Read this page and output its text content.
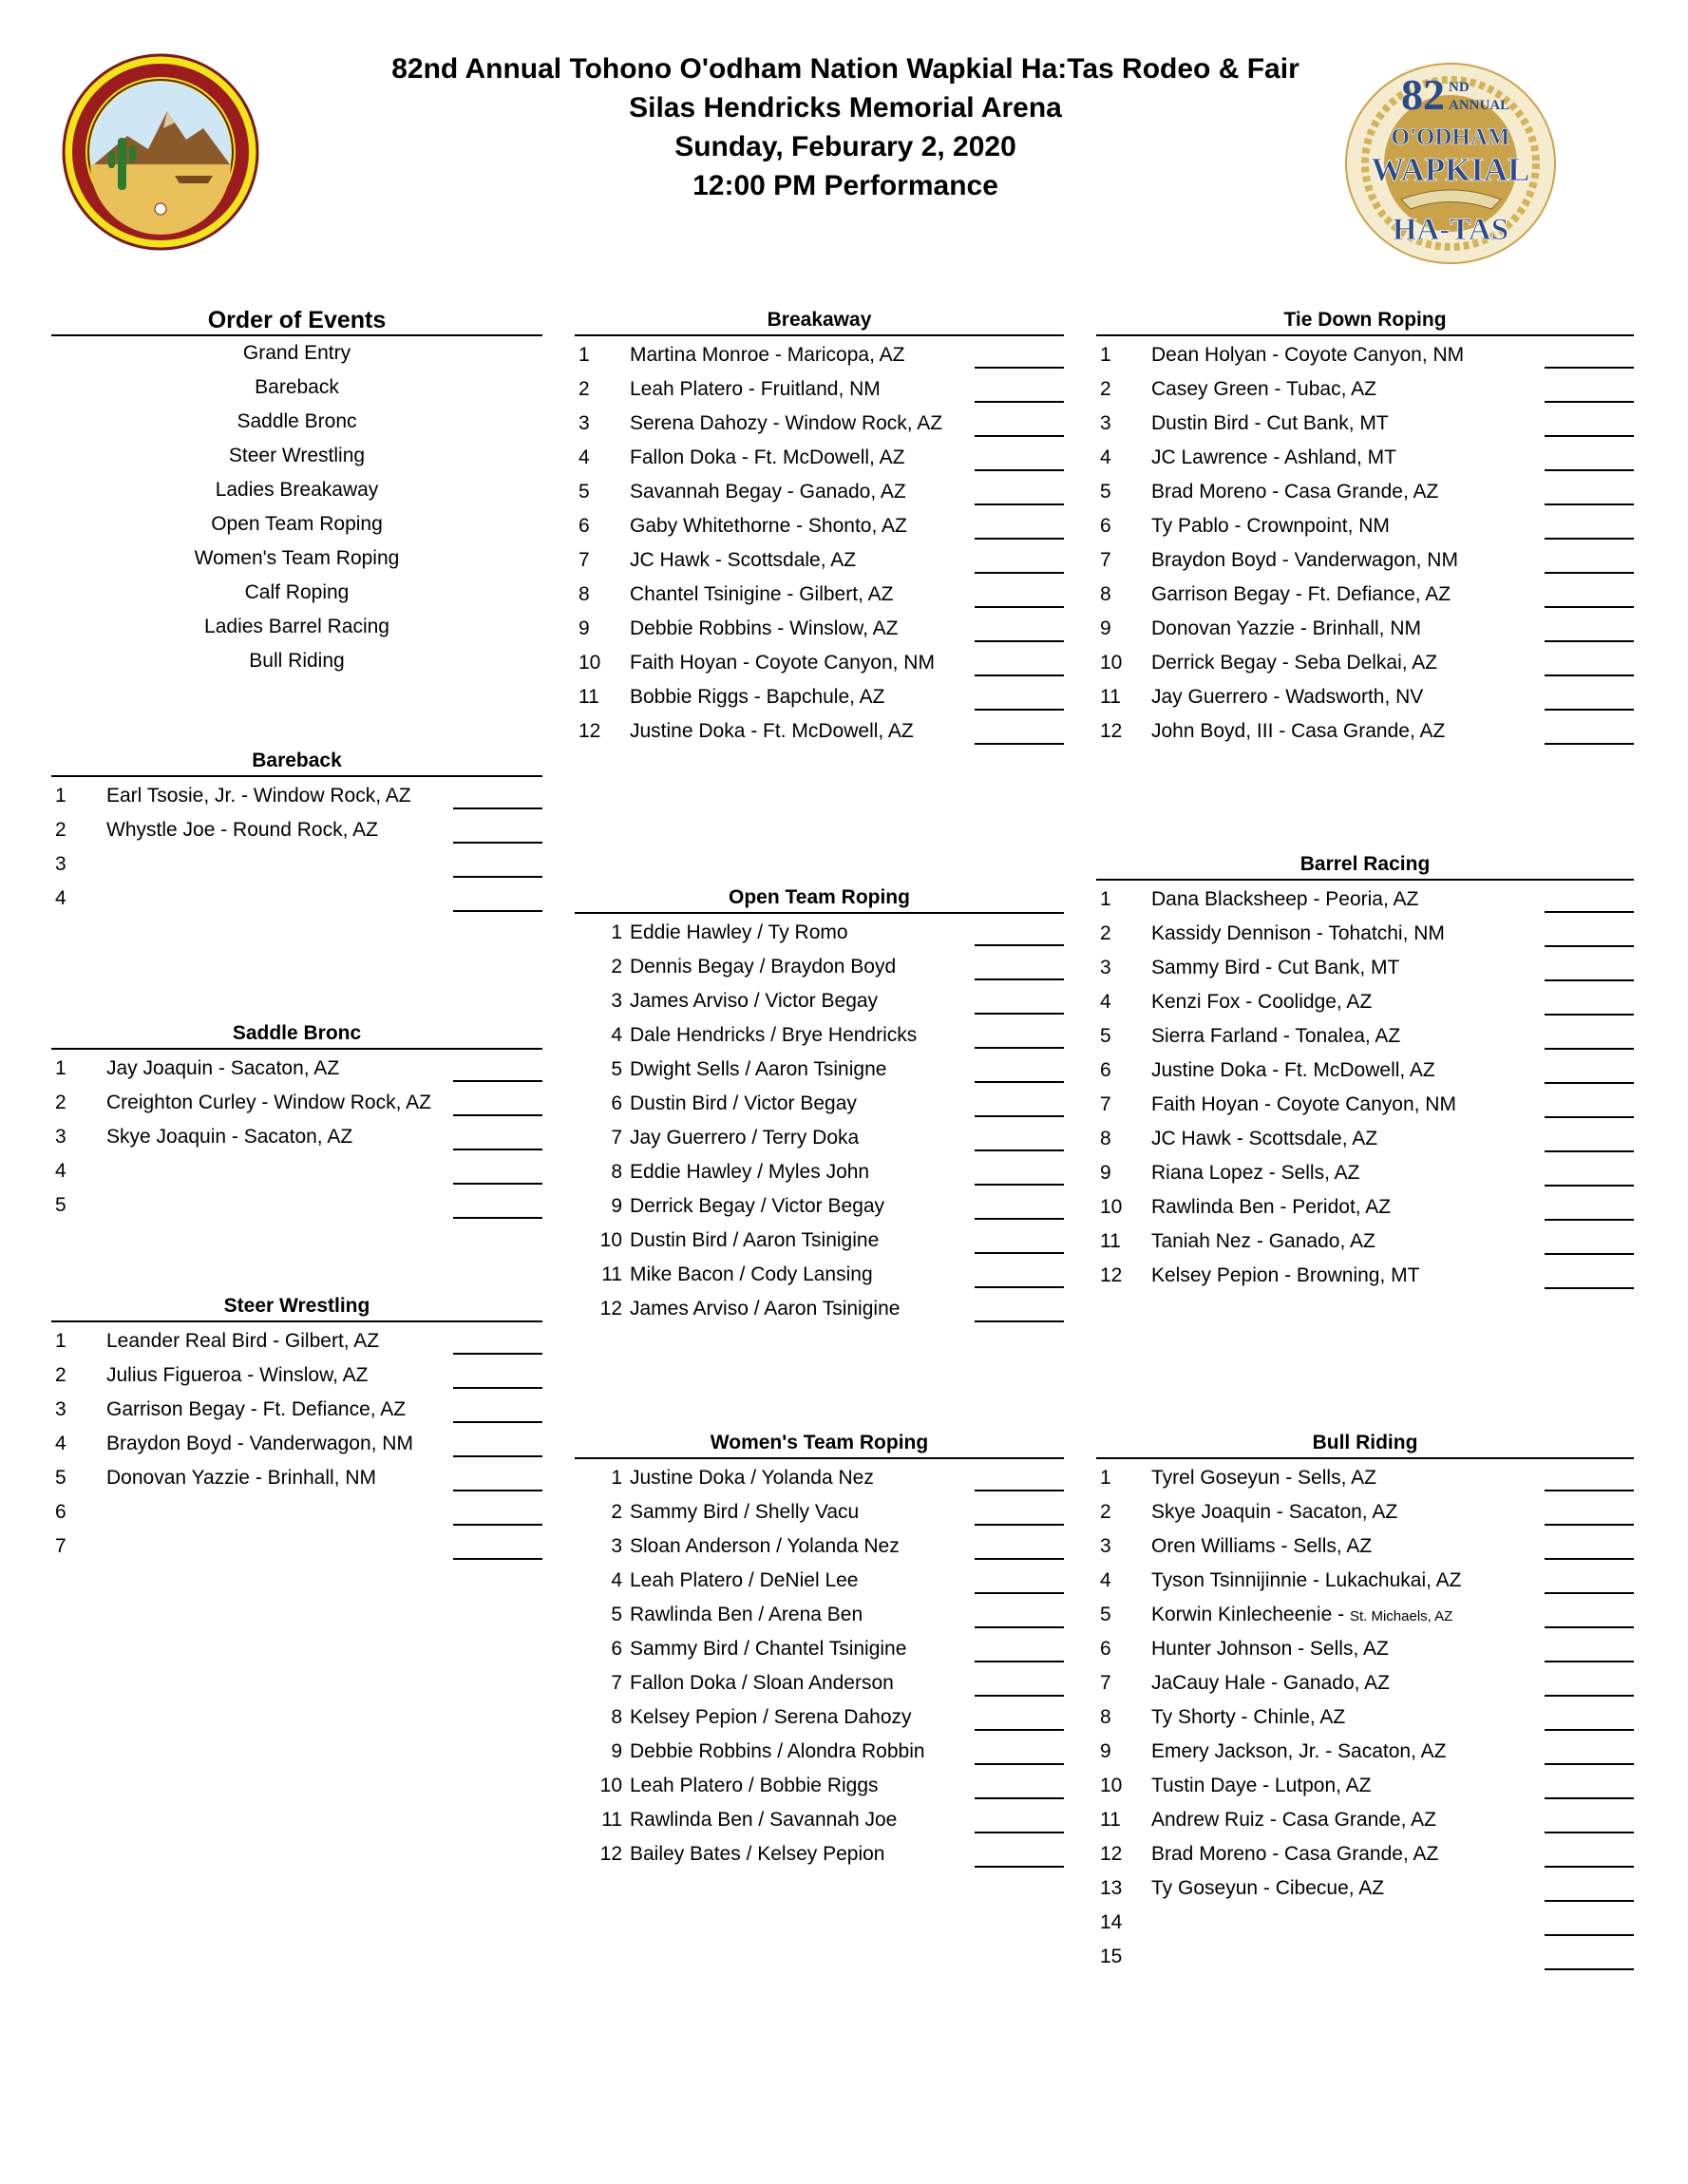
82 ND
ANNUAL
O'ODHAM
WAPKIAL
HA-TAS
82nd Annual Tohono O'odham Nation Wapkial Ha:Tas Rodeo & Fair
Silas Hendricks Memorial Arena
Sunday, Feburary 2, 2020
12:00 PM Performance
Order of Events
Grand Entry
Bareback
Saddle Bronc
Steer Wrestling
Ladies Breakaway
Open Team Roping
Women's Team Roping
Calf Roping
Ladies Barrel Racing
Bull Riding
Bareback
1 Earl Tsosie, Jr. - Window Rock, AZ
2 Whystle Joe - Round Rock, AZ
3
4
Saddle Bronc
1 Jay Joaquin - Sacaton, AZ
2 Creighton Curley - Window Rock, AZ
3 Skye Joaquin - Sacaton, AZ
4
5
Steer Wrestling
1 Leander Real Bird - Gilbert, AZ
2 Julius Figueroa - Winslow, AZ
3 Garrison Begay - Ft. Defiance, AZ
4 Braydon Boyd - Vanderwagon, NM
5 Donovan Yazzie - Brinhall, NM
6
7
Breakaway
1 Martina Monroe - Maricopa, AZ
2 Leah Platero - Fruitland, NM
3 Serena Dahozy - Window Rock, AZ
4 Fallon Doka - Ft. McDowell, AZ
5 Savannah Begay - Ganado, AZ
6 Gaby Whitethorne - Shonto, AZ
7 JC Hawk - Scottsdale, AZ
8 Chantel Tsinigine - Gilbert, AZ
9 Debbie Robbins - Winslow, AZ
10 Faith Hoyan - Coyote Canyon, NM
11 Bobbie Riggs - Bapchule, AZ
12 Justine Doka - Ft. McDowell, AZ
Open Team Roping
1 Eddie Hawley / Ty Romo
2 Dennis Begay / Braydon Boyd
3 James Arviso / Victor Begay
4 Dale Hendricks / Brye Hendricks
5 Dwight Sells / Aaron Tsinigne
6 Dustin Bird / Victor Begay
7 Jay Guerrero / Terry Doka
8 Eddie Hawley / Myles John
9 Derrick Begay / Victor Begay
10 Dustin Bird / Aaron Tsinigine
11 Mike Bacon / Cody Lansing
12 James Arviso / Aaron Tsinigine
Women's Team Roping
1 Justine Doka / Yolanda Nez
2 Sammy Bird / Shelly Vacu
3 Sloan Anderson / Yolanda Nez
4 Leah Platero / DeNiel Lee
5 Rawlinda Ben / Arena Ben
6 Sammy Bird / Chantel Tsinigine
7 Fallon Doka / Sloan Anderson
8 Kelsey Pepion / Serena Dahozy
9 Debbie Robbins / Alondra Robbin
10 Leah Platero / Bobbie Riggs
11 Rawlinda Ben / Savannah Joe
12 Bailey Bates / Kelsey Pepion
Tie Down Roping
1 Dean Holyan - Coyote Canyon, NM
2 Casey Green - Tubac, AZ
3 Dustin Bird - Cut Bank, MT
4 JC Lawrence - Ashland, MT
5 Brad Moreno - Casa Grande, AZ
6 Ty Pablo - Crownpoint, NM
7 Braydon Boyd - Vanderwagon, NM
8 Garrison Begay - Ft. Defiance, AZ
9 Donovan Yazzie - Brinhall, NM
10 Derrick Begay - Seba Delkai, AZ
11 Jay Guerrero - Wadsworth, NV
12 John Boyd, III - Casa Grande, AZ
Barrel Racing
1 Dana Blacksheep - Peoria, AZ
2 Kassidy Dennison - Tohatchi, NM
3 Sammy Bird - Cut Bank, MT
4 Kenzi Fox - Coolidge, AZ
5 Sierra Farland - Tonalea, AZ
6 Justine Doka - Ft. McDowell, AZ
7 Faith Hoyan - Coyote Canyon, NM
8 JC Hawk - Scottsdale, AZ
9 Riana Lopez - Sells, AZ
10 Rawlinda Ben - Peridot, AZ
11 Taniah Nez - Ganado, AZ
12 Kelsey Pepion - Browning, MT
Bull Riding
1 Tyrel Goseyun - Sells, AZ
2 Skye Joaquin - Sacaton, AZ
3 Oren Williams - Sells, AZ
4 Tyson Tsinnijinnie - Lukachukai, AZ
5 Korwin Kinlecheenie - St. Michaels, AZ
6 Hunter Johnson - Sells, AZ
7 JaCauy Hale - Ganado, AZ
8 Ty Shorty - Chinle, AZ
9 Emery Jackson, Jr. - Sacaton, AZ
10 Tustin Daye - Lutpon, AZ
11 Andrew Ruiz - Casa Grande, AZ
12 Brad Moreno - Casa Grande, AZ
13 Ty Goseyun - Cibecue, AZ
14
15
